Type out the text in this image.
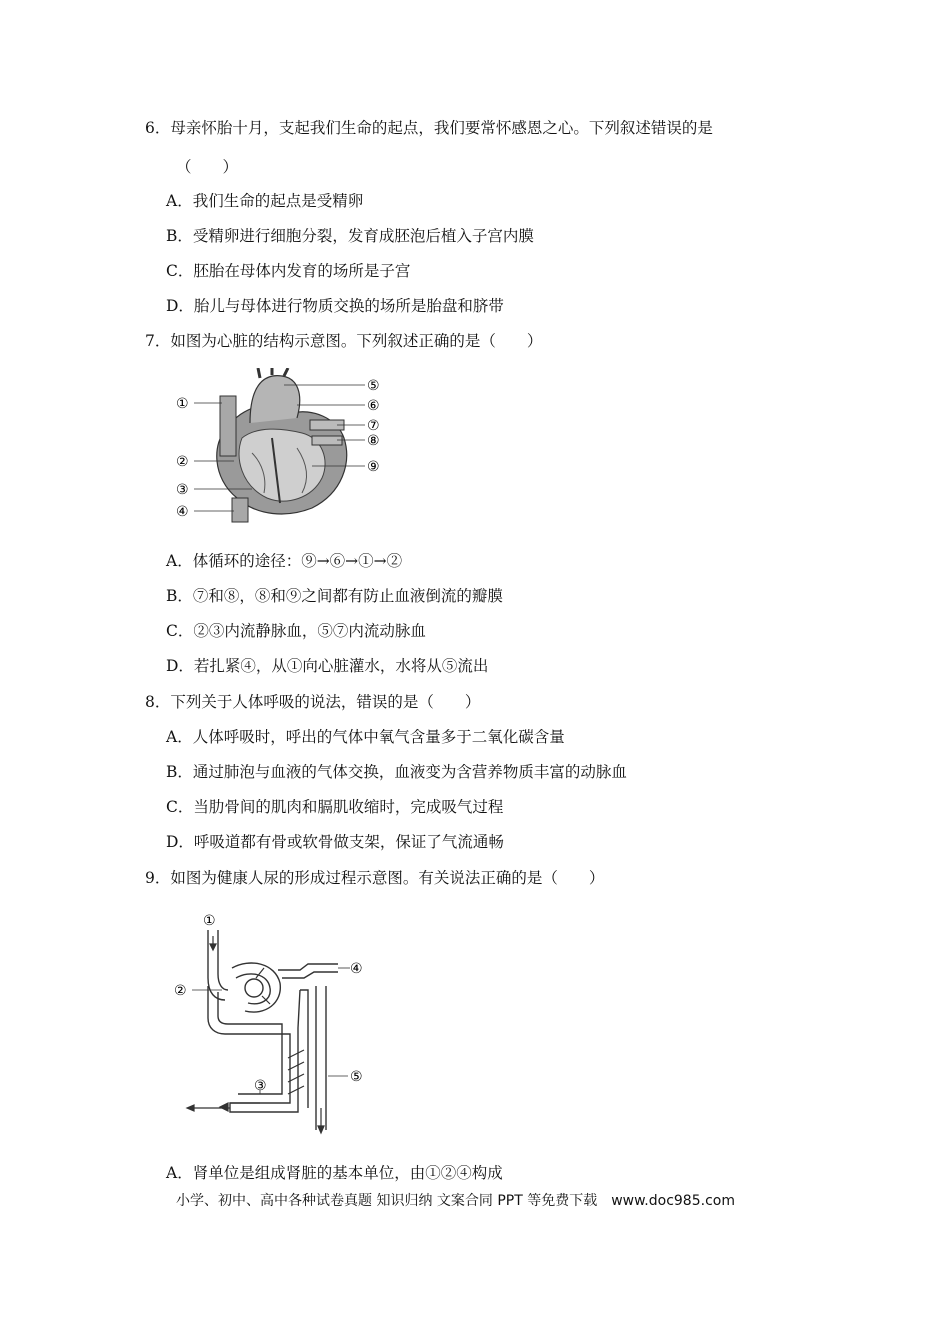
6．母亲怀胎十月，支起我们生命的起点，我们要常怀感恩之心。下列叙述错误的是
（　　）
A．我们生命的起点是受精卵
B．受精卵进行细胞分裂，发育成胚泡后植入子宫内膜
C．胚胎在母体内发育的场所是子宫
D．胎儿与母体进行物质交换的场所是胎盘和脐带
7．如图为心脏的结构示意图。下列叙述正确的是（　　）
①
②
③
④
⑤
⑥
⑦
⑧
⑨
A．体循环的途径：⑨→⑥→①→②
B．⑦和⑧，⑧和⑨之间都有防止血液倒流的瓣膜
C．②③内流静脉血，⑤⑦内流动脉血
D．若扎紧④，从①向心脏灌水，水将从⑤流出
8．下列关于人体呼吸的说法，错误的是（　　）
A．人体呼吸时，呼出的气体中氧气含量多于二氧化碳含量
B．通过肺泡与血液的气体交换，血液变为含营养物质丰富的动脉血
C．当肋骨间的肌肉和膈肌收缩时，完成吸气过程
D．呼吸道都有骨或软骨做支架，保证了气流通畅
9．如图为健康人尿的形成过程示意图。有关说法正确的是（　　）
①
②
③
④
⑤
A．肾单位是组成肾脏的基本单位，由①②④构成
小学、初中、高中各种试卷真题 知识归纳 文案合同 PPT 等免费下载　www.doc985.com
